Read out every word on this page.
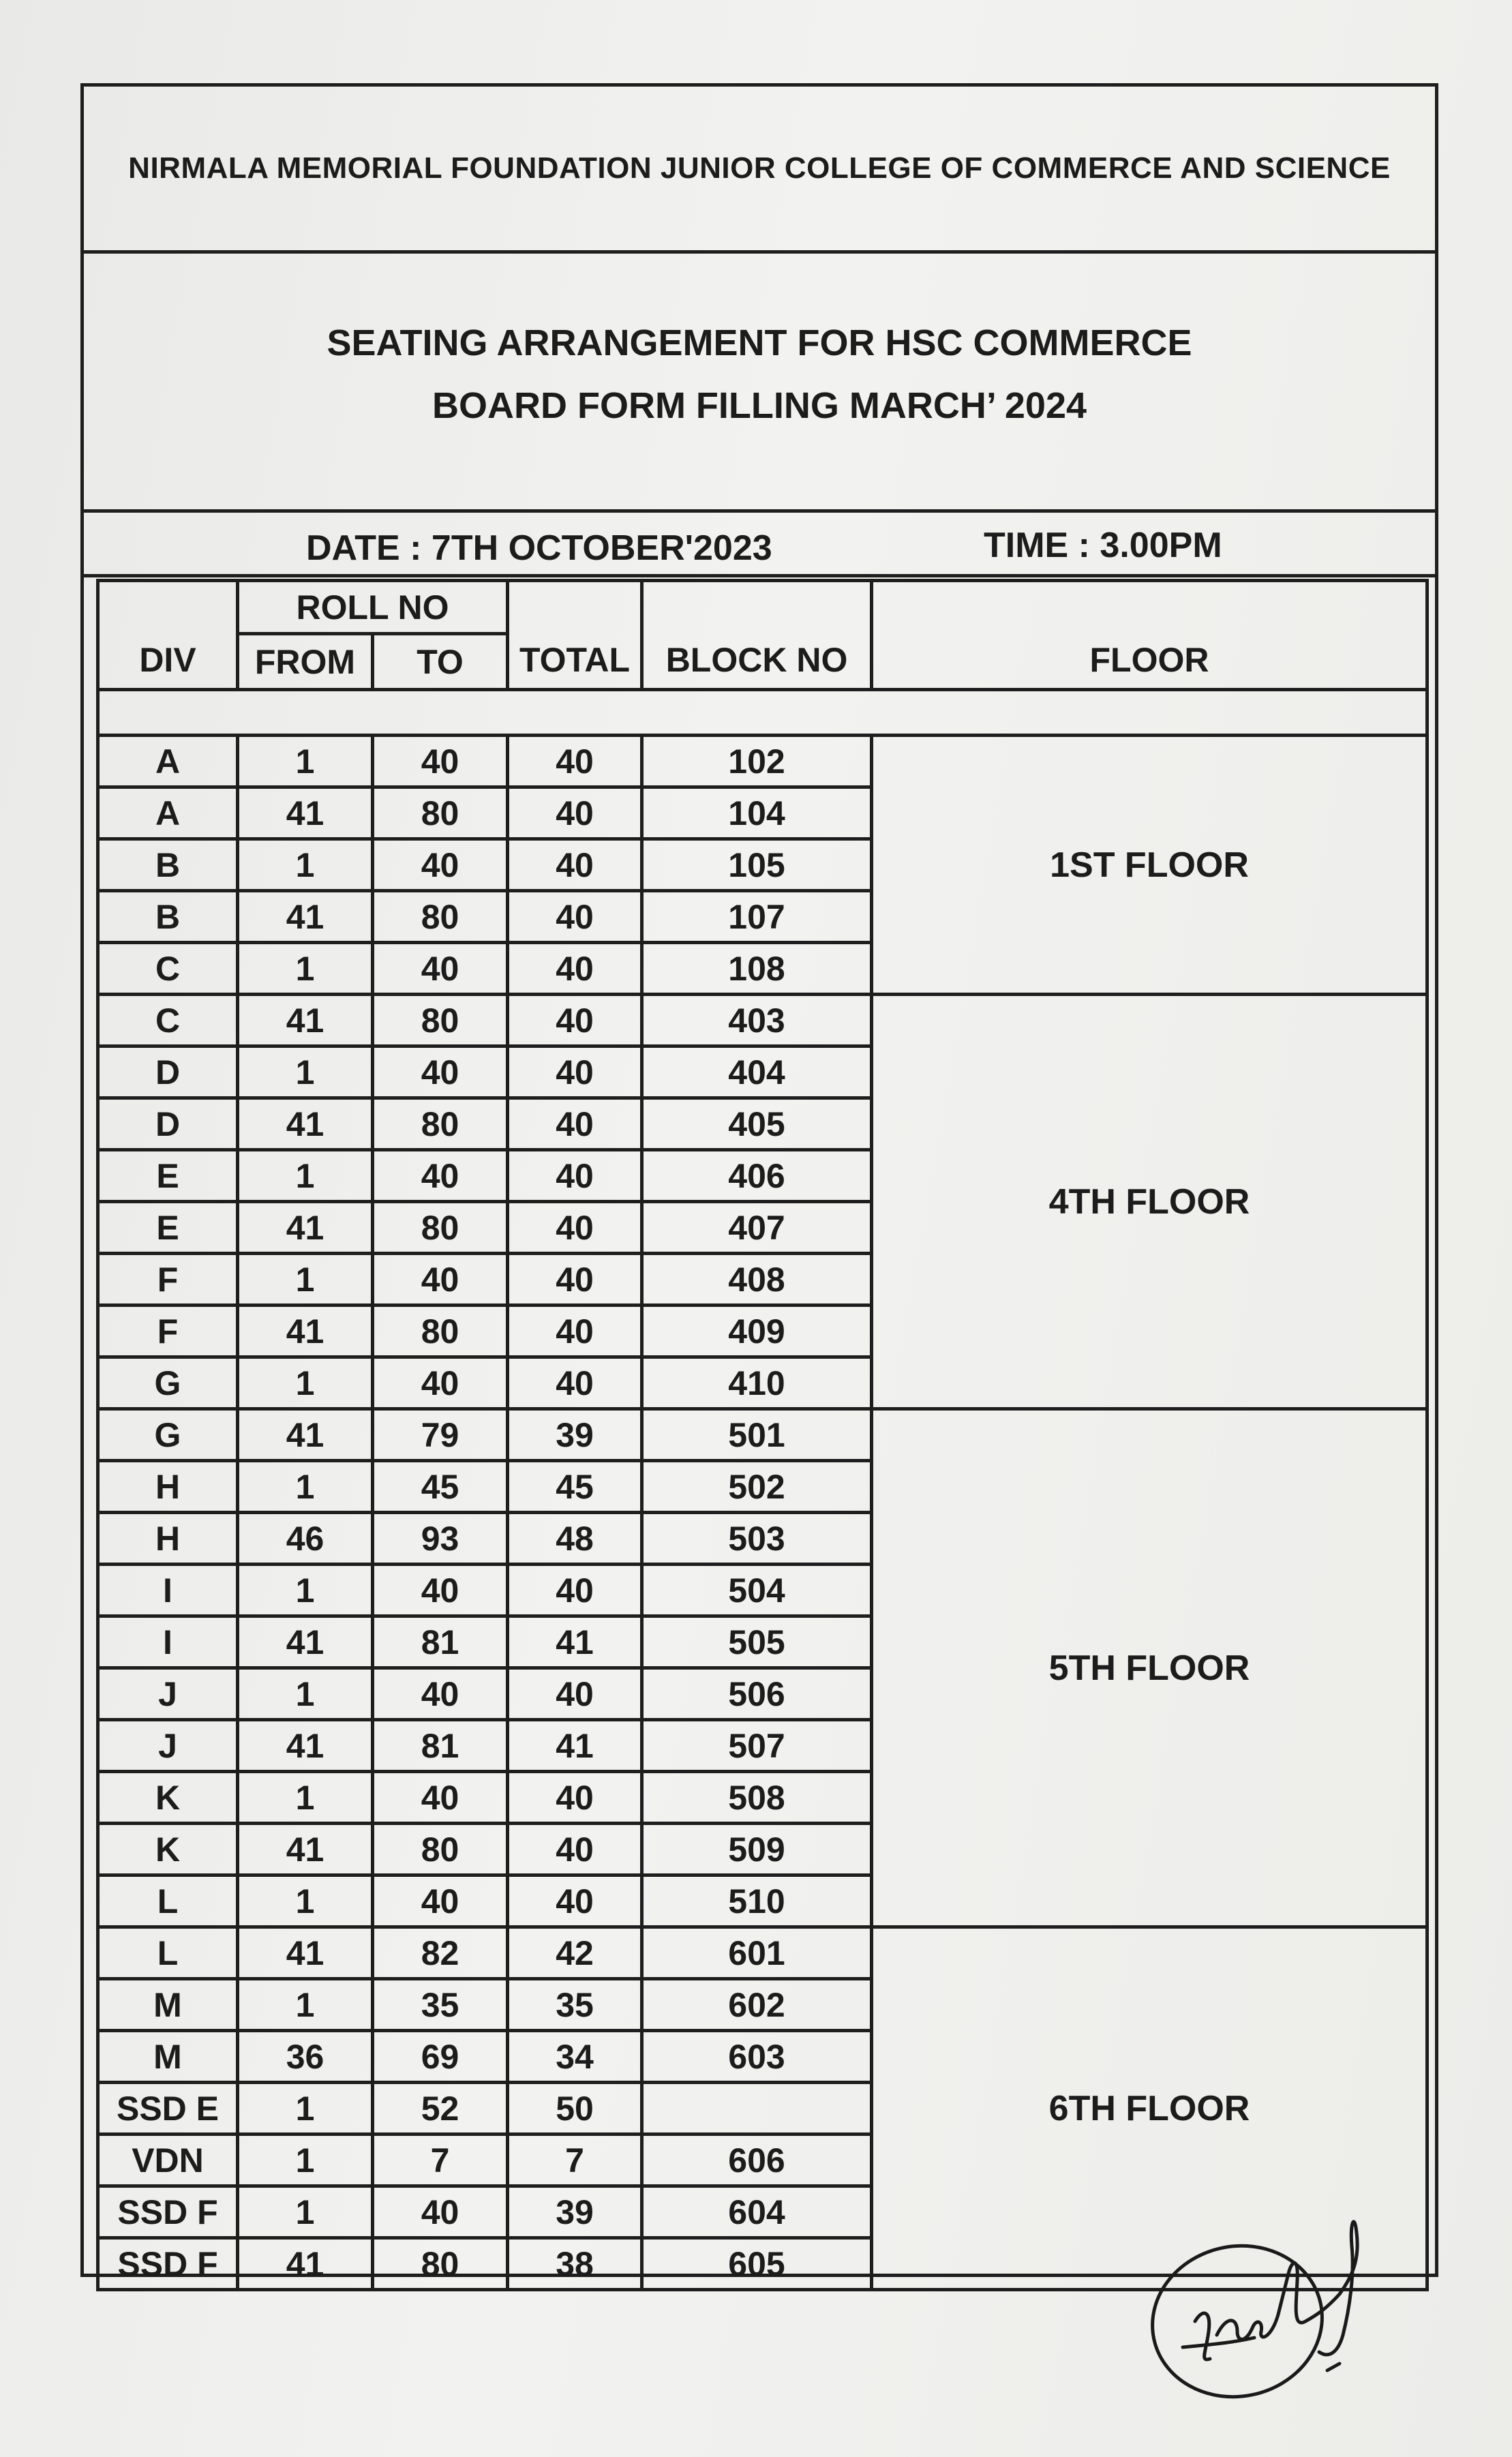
NIRMALA MEMORIAL FOUNDATION JUNIOR COLLEGE OF COMMERCE AND SCIENCE
SEATING ARRANGEMENT FOR HSC COMMERCE
BOARD FORM FILLING MARCH’ 2024
DATE : 7TH OCTOBER'2023	TIME : 3.00PM
DIV	ROLL NO		TOTAL	BLOCK NO	FLOOR
	FROM	TO			

A	1	40	40	102	1ST FLOOR
A	41	80	40	104	
B	1	40	40	105	
B	41	80	40	107	
C	1	40	40	108	
C	41	80	40	403	4TH FLOOR
D	1	40	40	404	
D	41	80	40	405	
E	1	40	40	406	
E	41	80	40	407	
F	1	40	40	408	
F	41	80	40	409	
G	1	40	40	410	
G	41	79	39	501	5TH FLOOR
H	1	45	45	502	
H	46	93	48	503	
I	1	40	40	504	
I	41	81	41	505	
J	1	40	40	506	
J	41	81	41	507	
K	1	40	40	508	
K	41	80	40	509	
L	1	40	40	510	
L	41	82	42	601	6TH FLOOR
M	1	35	35	602	
M	36	69	34	603	
SSD E	1	52	50		
VDN	1	7	7	606	
SSD F	1	40	39	604	
SSD F	41	80	38	605	
